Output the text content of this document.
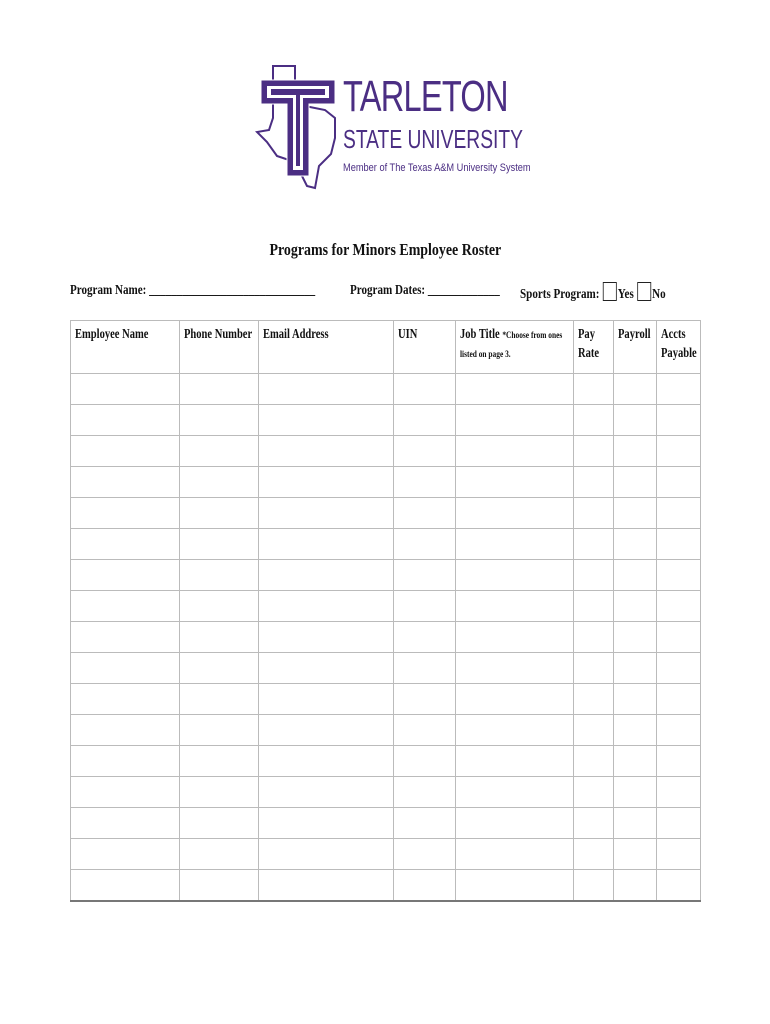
TARLETON
STATE UNIVERSITY
Member of The Texas A&M University System
Programs for Minors Employee Roster
Program Name: ______________________________	Program Dates: _____________	Sports Program: Yes No
Employee Name	Phone Number	Email Address	UIN	Job Title *Choose from ones listed on page 3.	Pay Rate	Payroll	Accts Payable
